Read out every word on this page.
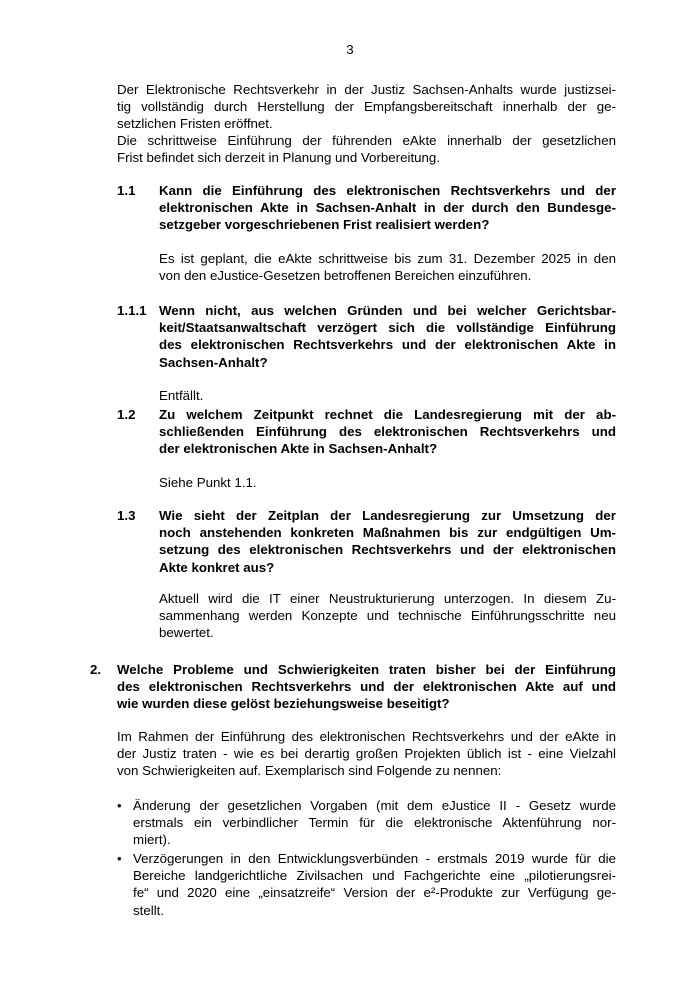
3
Der Elektronische Rechtsverkehr in der Justiz Sachsen-Anhalts wurde justizsei-
tig vollständig durch Herstellung der Empfangsbereitschaft innerhalb der ge-
setzlichen Fristen eröffnet.
Die schrittweise Einführung der führenden eAkte innerhalb der gesetzlichen
Frist befindet sich derzeit in Planung und Vorbereitung.
1.1 Kann die Einführung des elektronischen Rechtsverkehrs und der
elektronischen Akte in Sachsen-Anhalt in der durch den Bundesge-
setzgeber vorgeschriebenen Frist realisiert werden?
Es ist geplant, die eAkte schrittweise bis zum 31. Dezember 2025 in den
von den eJustice-Gesetzen betroffenen Bereichen einzuführen.
1.1.1 Wenn nicht, aus welchen Gründen und bei welcher Gerichtsbar-
keit/Staatsanwaltschaft verzögert sich die vollständige Einführung
des elektronischen Rechtsverkehrs und der elektronischen Akte in
Sachsen-Anhalt?
Entfällt.
1.2 Zu welchem Zeitpunkt rechnet die Landesregierung mit der ab-
schließenden Einführung des elektronischen Rechtsverkehrs und
der elektronischen Akte in Sachsen-Anhalt?
Siehe Punkt 1.1.
1.3 Wie sieht der Zeitplan der Landesregierung zur Umsetzung der
noch anstehenden konkreten Maßnahmen bis zur endgültigen Um-
setzung des elektronischen Rechtsverkehrs und der elektronischen
Akte konkret aus?
Aktuell wird die IT einer Neustrukturierung unterzogen. In diesem Zu-
sammenhang werden Konzepte und technische Einführungsschritte neu
bewertet.
2. Welche Probleme und Schwierigkeiten traten bisher bei der Einführung
des elektronischen Rechtsverkehrs und der elektronischen Akte auf und
wie wurden diese gelöst beziehungsweise beseitigt?
Im Rahmen der Einführung des elektronischen Rechtsverkehrs und der eAkte in
der Justiz traten - wie es bei derartig großen Projekten üblich ist - eine Vielzahl
von Schwierigkeiten auf. Exemplarisch sind Folgende zu nennen:
• Änderung der gesetzlichen Vorgaben (mit dem eJustice II - Gesetz wurde
erstmals ein verbindlicher Termin für die elektronische Aktenführung nor-
miert).
• Verzögerungen in den Entwicklungsverbünden - erstmals 2019 wurde für die
Bereiche landgerichtliche Zivilsachen und Fachgerichte eine „pilotierungsrei-
fe“ und 2020 eine „einsatzreife“ Version der e²-Produkte zur Verfügung ge-
stellt.
